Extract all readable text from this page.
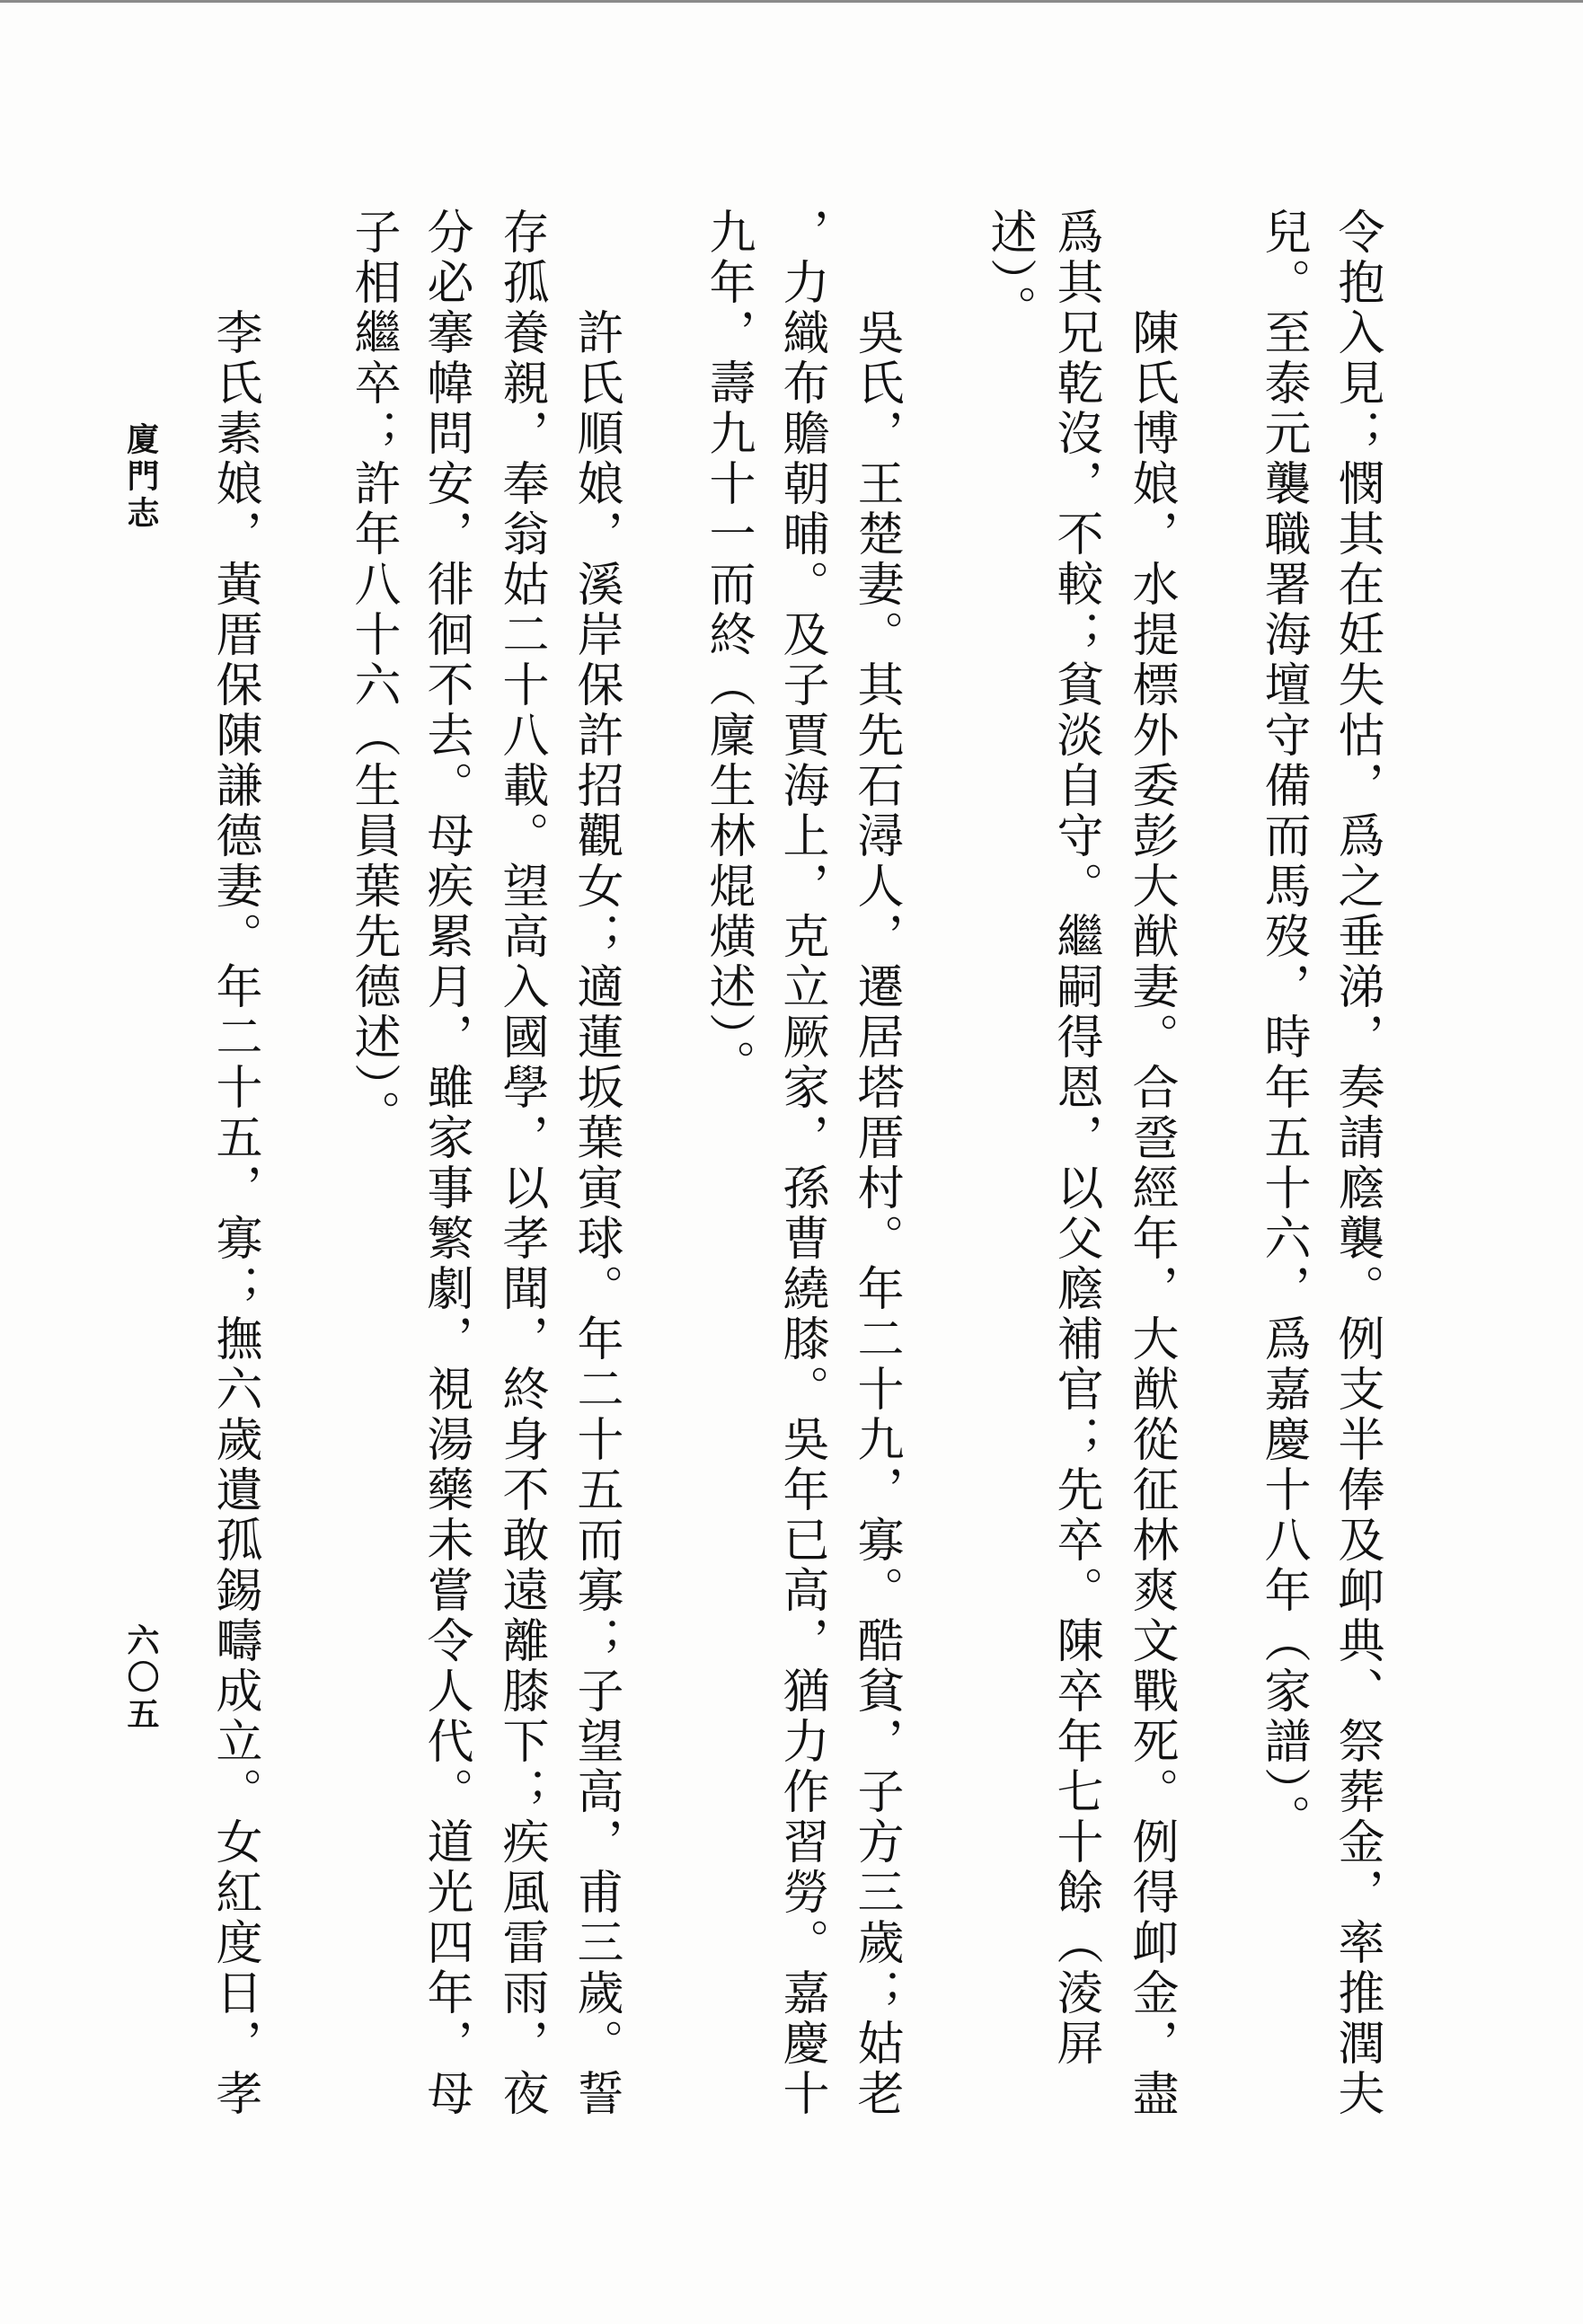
令抱入見；憫其在妊失怙，爲之垂涕，奏請廕襲。例支半俸及卹典、祭葬金，率推潤夫
兒。至泰元襲職署海壇守備而馬歿，時年五十六，爲嘉慶十八年（家譜）。
陳氏博娘，水提標外委彭大猷妻。合巹經年，大猷從征林爽文戰死。例得卹金，盡
爲其兄乾沒，不較；貧淡自守。繼嗣得恩，以父廕補官；先卒。陳卒年七十餘（淩屏
述）。
吳氏，王楚妻。其先石潯人，遷居塔厝村。年二十九，寡。酷貧，子方三歲；姑老
，力織布贍朝晡。及子賈海上，克立厥家，孫曹繞膝。吳年已高，猶力作習勞。嘉慶十
九年，壽九十一而終（廩生林焜熿述）。
許氏順娘，溪岸保許招觀女；適蓮坂葉寅球。年二十五而寡；子望高，甫三歲。誓
存孤養親，奉翁姑二十八載。望高入國學，以孝聞，終身不敢遠離膝下；疾風雷雨，夜
分必搴幃問安，徘徊不去。母疾累月，雖家事繁劇，視湯藥未嘗令人代。道光四年，母
子相繼卒；許年八十六（生員葉先德述）。
李氏素娘，黃厝保陳謙德妻。年二十五，寡；撫六歲遺孤錫疇成立。女紅度日，孝
廈門志
六〇五
